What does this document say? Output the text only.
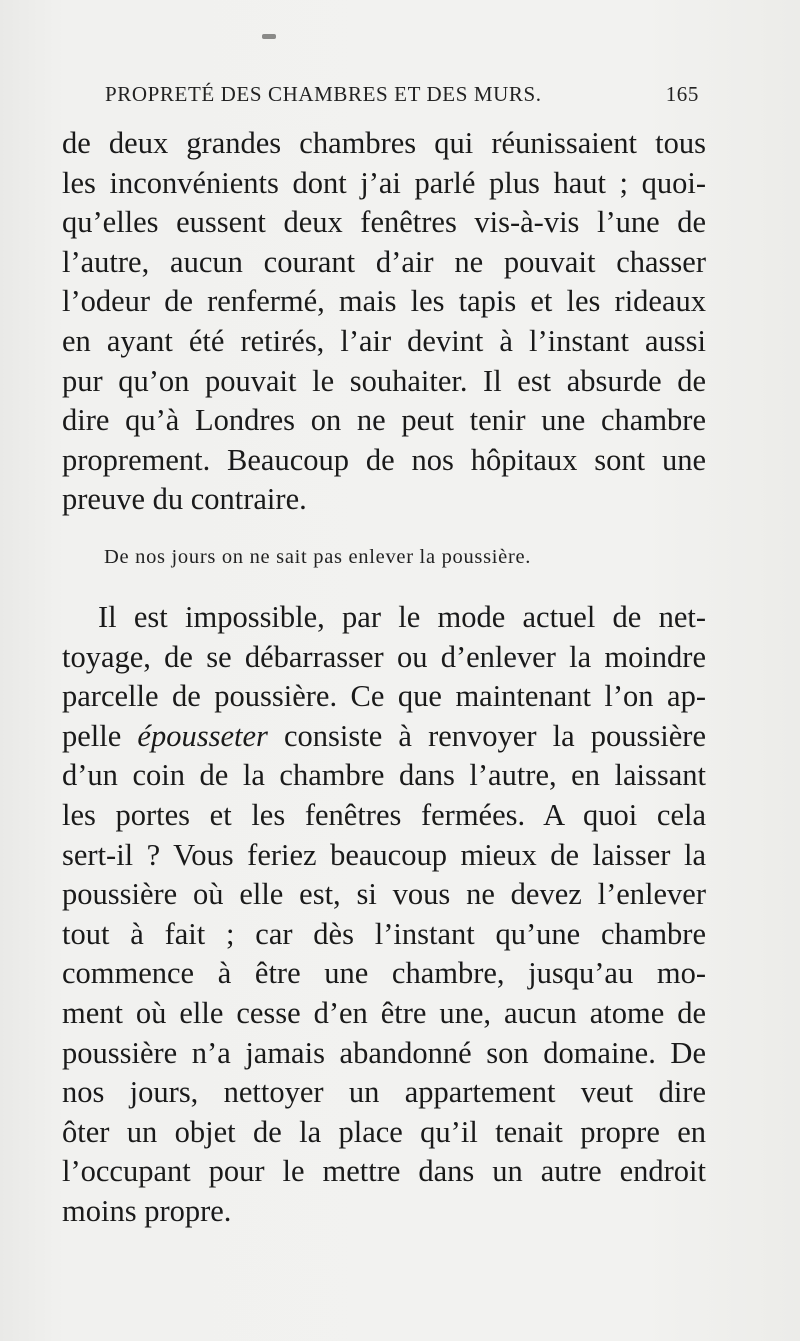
PROPRETÉ DES CHAMBRES ET DES MURS.	165
de deux grandes chambres qui réunissaient tous
les inconvénients dont j’ai parlé plus haut ; quoi-
qu’elles eussent deux fenêtres vis-à-vis l’une de
l’autre, aucun courant d’air ne pouvait chasser
l’odeur de renfermé, mais les tapis et les rideaux
en ayant été retirés, l’air devint à l’instant aussi
pur qu’on pouvait le souhaiter. Il est absurde de
dire qu’à Londres on ne peut tenir une chambre
proprement. Beaucoup de nos hôpitaux sont une
preuve du contraire.
De nos jours on ne sait pas enlever la poussière.
Il est impossible, par le mode actuel de net-
toyage, de se débarrasser ou d’enlever la moindre
parcelle de poussière. Ce que maintenant l’on ap-
pelle épousseter consiste à renvoyer la poussière
d’un coin de la chambre dans l’autre, en laissant
les portes et les fenêtres fermées. A quoi cela
sert-il ? Vous feriez beaucoup mieux de laisser la
poussière où elle est, si vous ne devez l’enlever
tout à fait ; car dès l’instant qu’une chambre
commence à être une chambre, jusqu’au mo-
ment où elle cesse d’en être une, aucun atome de
poussière n’a jamais abandonné son domaine. De
nos jours, nettoyer un appartement veut dire
ôter un objet de la place qu’il tenait propre en
l’occupant pour le mettre dans un autre endroit
moins propre.
